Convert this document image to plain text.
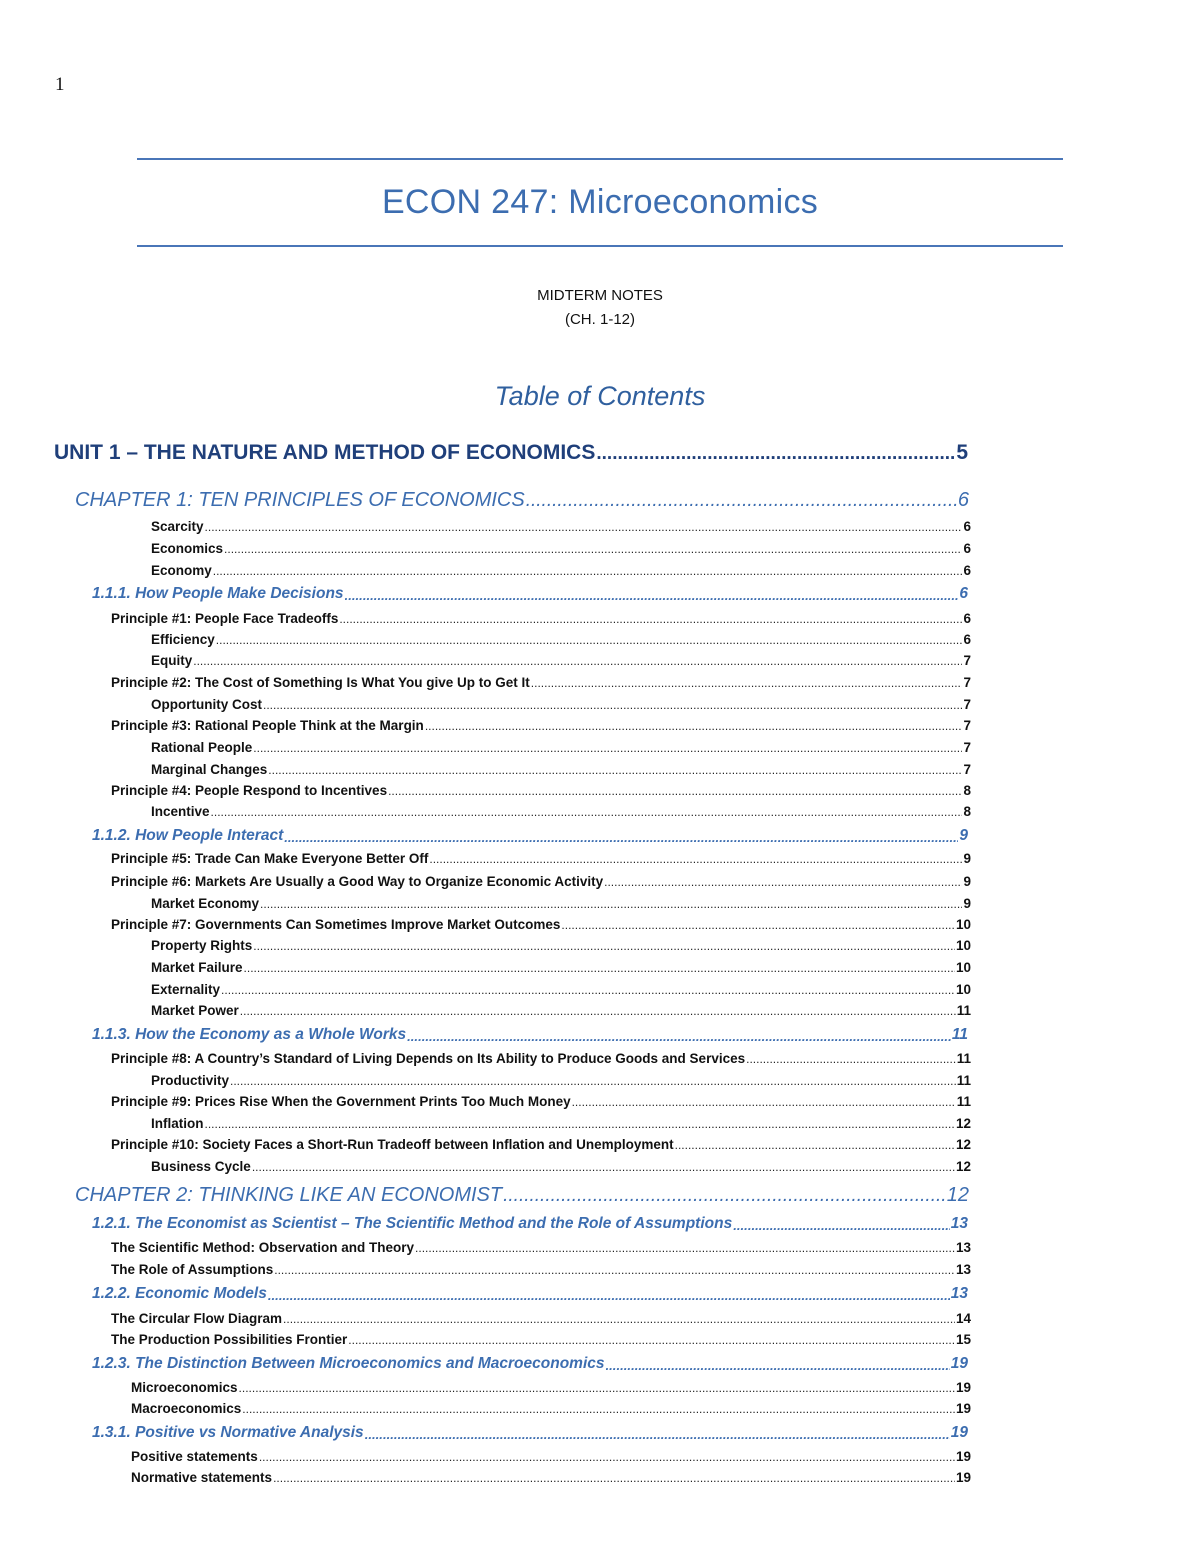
1
ECON 247: Microeconomics
MIDTERM NOTES
(CH. 1-12)
Table of Contents
UNIT 1 – THE NATURE AND METHOD OF ECONOMICS .....	5
CHAPTER 1: TEN PRINCIPLES OF ECONOMICS .....	6
Scarcity .....	6
Economics .....	6
Economy .....	6
1.1.1. How People Make Decisions .....	6
Principle #1: People Face Tradeoffs .....	6
Efficiency .....	6
Equity .....	7
Principle #2: The Cost of Something Is What You give Up to Get It .....	7
Opportunity Cost .....	7
Principle #3: Rational People Think at the Margin .....	7
Rational People .....	7
Marginal Changes .....	7
Principle #4: People Respond to Incentives .....	8
Incentive .....	8
1.1.2. How People Interact .....	9
Principle #5: Trade Can Make Everyone Better Off .....	9
Principle #6: Markets Are Usually a Good Way to Organize Economic Activity .....	9
Market Economy .....	9
Principle #7: Governments Can Sometimes Improve Market Outcomes .....	10
Property Rights .....	10
Market Failure .....	10
Externality .....	10
Market Power .....	11
1.1.3. How the Economy as a Whole Works .....	11
Principle #8: A Country’s Standard of Living Depends on Its Ability to Produce Goods and Services .....	11
Productivity .....	11
Principle #9: Prices Rise When the Government Prints Too Much Money .....	11
Inflation .....	12
Principle #10: Society Faces a Short-Run Tradeoff between Inflation and Unemployment .....	12
Business Cycle .....	12
CHAPTER 2: THINKING LIKE AN ECONOMIST .....	12
1.2.1. The Economist as Scientist – The Scientific Method and the Role of Assumptions .....	13
The Scientific Method: Observation and Theory .....	13
The Role of Assumptions .....	13
1.2.2. Economic Models .....	13
The Circular Flow Diagram .....	14
The Production Possibilities Frontier .....	15
1.2.3. The Distinction Between Microeconomics and Macroeconomics .....	19
Microeconomics .....	19
Macroeconomics .....	19
1.3.1. Positive vs Normative Analysis .....	19
Positive statements .....	19
Normative statements .....	19
